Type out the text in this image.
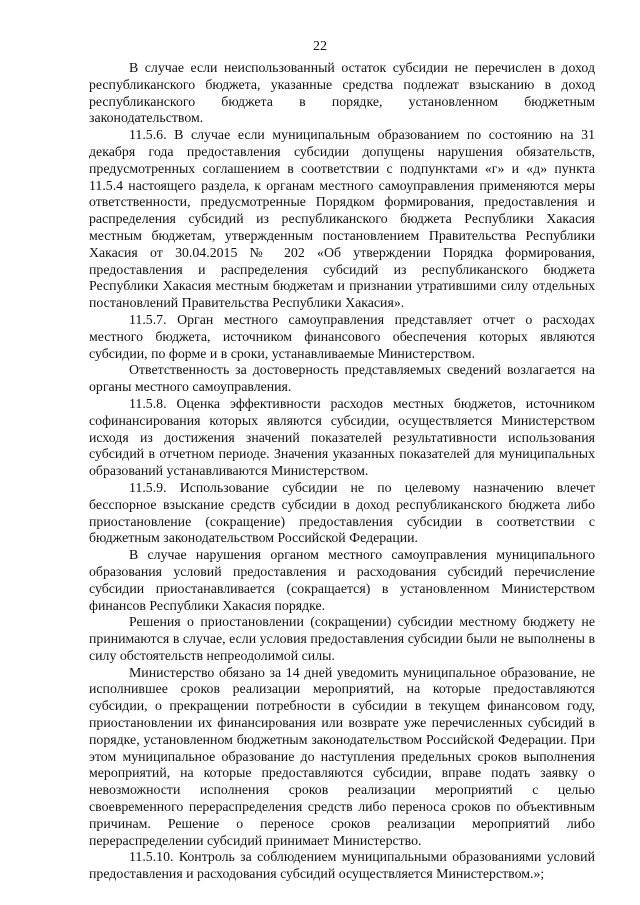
22

В случае если неиспользованный остаток субсидии не перечислен в доход республиканского бюджета, указанные средства подлежат взысканию в доход республиканского бюджета в порядке, установленном бюджетным законодательством.

11.5.6. В случае если муниципальным образованием по состоянию на 31 декабря года предоставления субсидии допущены нарушения обязательств, предусмотренных соглашением в соответствии с подпунктами «г» и «д» пункта 11.5.4 настоящего раздела, к органам местного самоуправления применяются меры ответственности, предусмотренные Порядком формирования, предоставления и распределения субсидий из республиканского бюджета Республики Хакасия местным бюджетам, утвержденным постановлением Правительства Республики Хакасия от 30.04.2015 № 202 «Об утверждении Порядка формирования, предоставления и распределения субсидий из республиканского бюджета Республики Хакасия местным бюджетам и признании утратившими силу отдельных постановлений Правительства Республики Хакасия».

11.5.7. Орган местного самоуправления представляет отчет о расходах местного бюджета, источником финансового обеспечения которых являются субсидии, по форме и в сроки, устанавливаемые Министерством.

Ответственность за достоверность представляемых сведений возлагается на органы местного самоуправления.

11.5.8. Оценка эффективности расходов местных бюджетов, источником софинансирования которых являются субсидии, осуществляется Министерством исходя из достижения значений показателей результативности использования субсидий в отчетном периоде. Значения указанных показателей для муниципальных образований устанавливаются Министерством.

11.5.9. Использование субсидии не по целевому назначению влечет бесспорное взыскание средств субсидии в доход республиканского бюджета либо приостановление (сокращение) предоставления субсидии в соответствии с бюджетным законодательством Российской Федерации.

В случае нарушения органом местного самоуправления муниципального образования условий предоставления и расходования субсидий перечисление субсидии приостанавливается (сокращается) в установленном Министерством финансов Республики Хакасия порядке.

Решения о приостановлении (сокращении) субсидии местному бюджету не принимаются в случае, если условия предоставления субсидии были не выполнены в силу обстоятельств непреодолимой силы.

Министерство обязано за 14 дней уведомить муниципальное образование, не исполнившее сроков реализации мероприятий, на которые предоставляются субсидии, о прекращении потребности в субсидии в текущем финансовом году, приостановлении их финансирования или возврате уже перечисленных субсидий в порядке, установленном бюджетным законодательством Российской Федерации. При этом муниципальное образование до наступления предельных сроков выполнения мероприятий, на которые предоставляются субсидии, вправе подать заявку о невозможности исполнения сроков реализации мероприятий с целью своевременного перераспределения средств либо переноса сроков по объективным причинам. Решение о переносе сроков реализации мероприятий либо перераспределении субсидий принимает Министерство.

11.5.10. Контроль за соблюдением муниципальными образованиями условий предоставления и расходования субсидий осуществляется Министерством.»;
